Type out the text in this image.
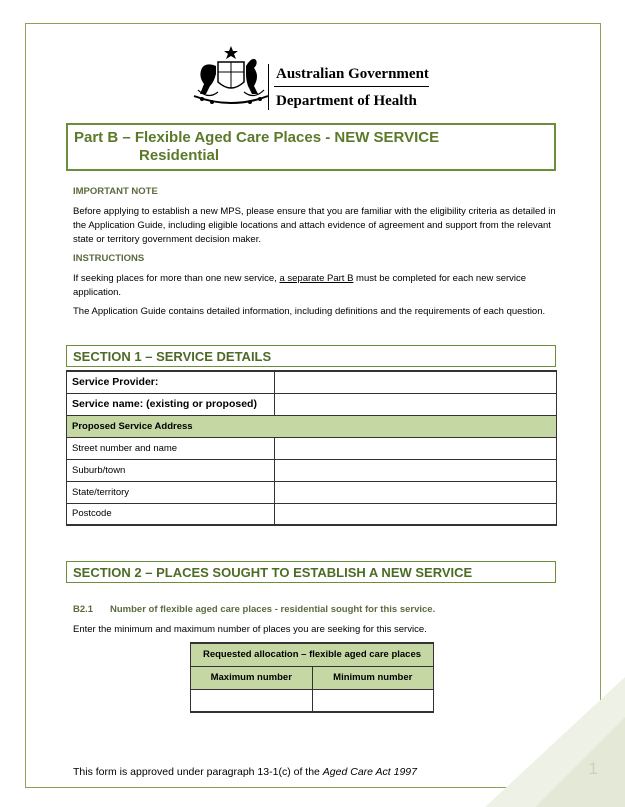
1
Australian Government
Department of Health
Part B – Flexible Aged Care Places - NEW SERVICE
Residential
IMPORTANT NOTE
Before applying to establish a new MPS, please ensure that you are familiar with the eligibility criteria as detailed in the Application Guide, including eligible locations and attach evidence of agreement and support from the relevant state or territory government decision maker.
INSTRUCTIONS
If seeking places for more than one new service, a separate Part B must be completed for each new service application.
The Application Guide contains detailed information, including definitions and the requirements of each question.
SECTION 1 – SERVICE DETAILS
Service Provider:	
Service name: (existing or proposed)	
Proposed Service Address	
Street number and name	
Suburb/town	
State/territory	
Postcode	
SECTION 2 – PLACES SOUGHT TO ESTABLISH A NEW SERVICE
B2.1 Number of flexible aged care places - residential sought for this service.
Enter the minimum and maximum number of places you are seeking for this service.
Requested allocation – flexible aged care places	
Maximum number	Minimum number

This form is approved under paragraph 13-1(c) of the Aged Care Act 1997
